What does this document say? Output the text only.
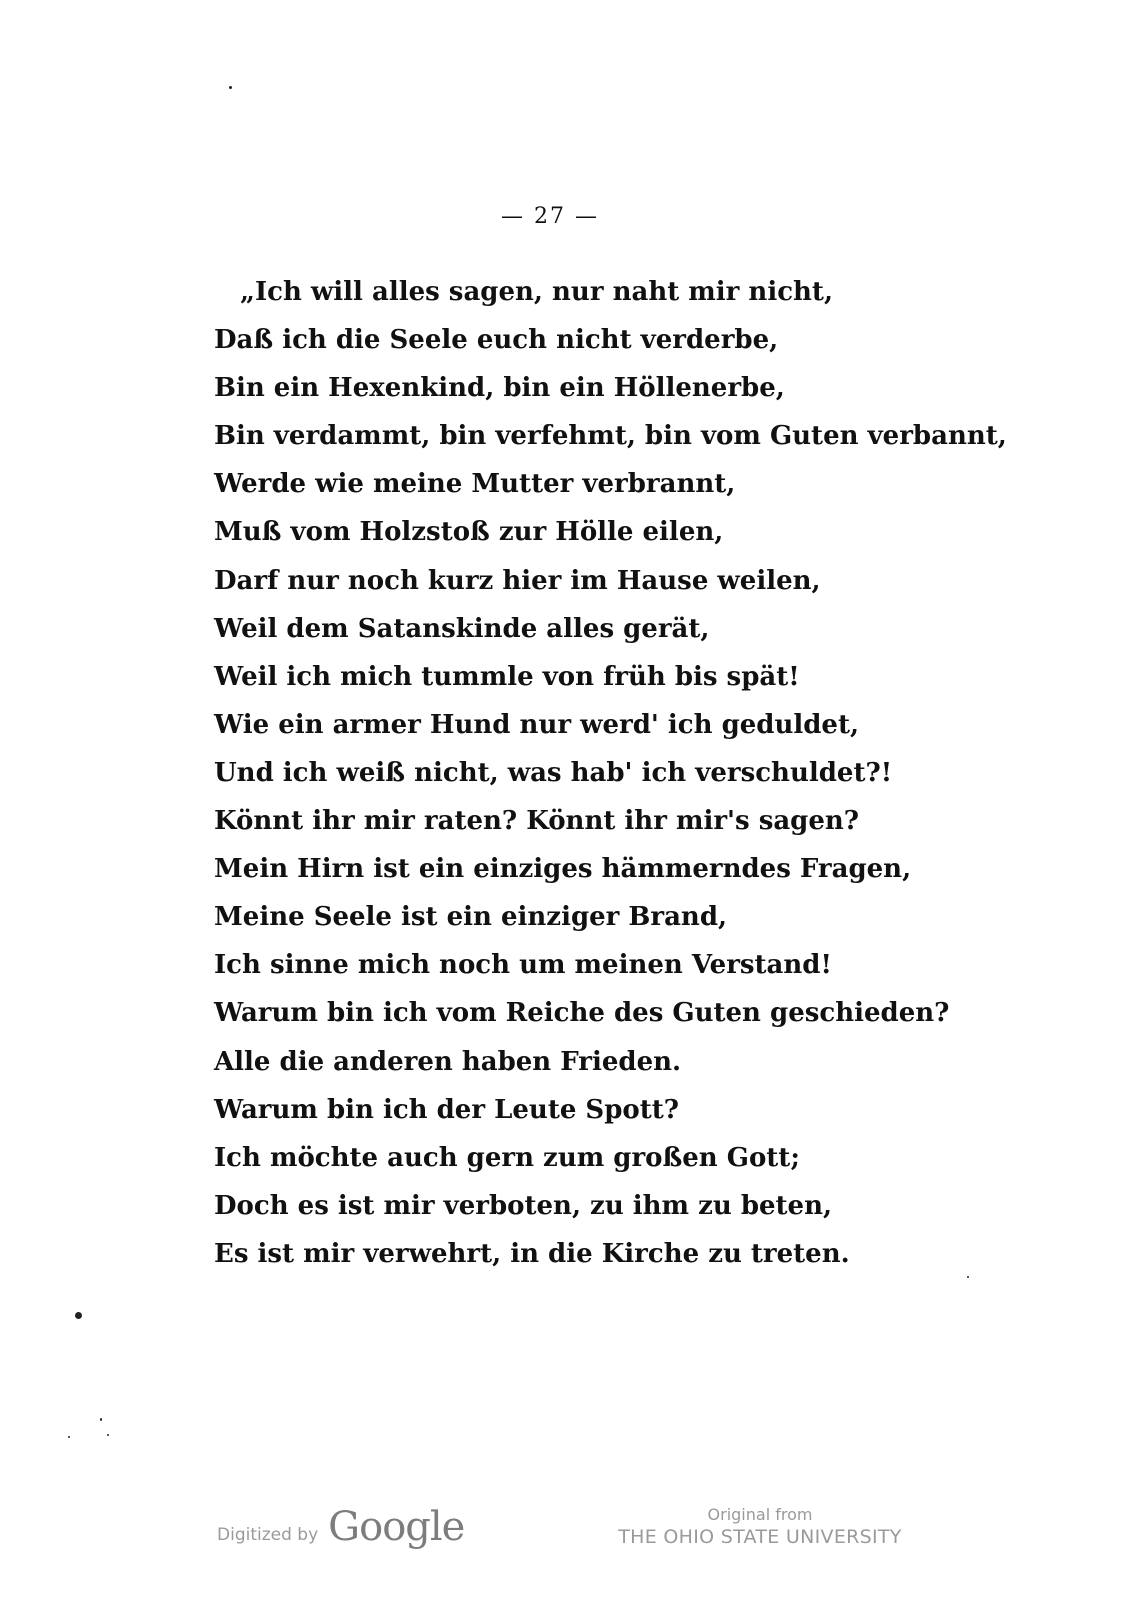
— 27 —
„Ich will alles sagen, nur naht mir nicht,
Daß ich die Seele euch nicht verderbe,
Bin ein Hexenkind, bin ein Höllenerbe,
Bin verdammt, bin verfehmt, bin vom Guten verbannt,
Werde wie meine Mutter verbrannt,
Muß vom Holzstoß zur Hölle eilen,
Darf nur noch kurz hier im Hause weilen,
Weil dem Satanskinde alles gerät,
Weil ich mich tummle von früh bis spät!
Wie ein armer Hund nur werd' ich geduldet,
Und ich weiß nicht, was hab' ich verschuldet?!
Könnt ihr mir raten? Könnt ihr mir's sagen?
Mein Hirn ist ein einziges hämmerndes Fragen,
Meine Seele ist ein einziger Brand,
Ich sinne mich noch um meinen Verstand!
Warum bin ich vom Reiche des Guten geschieden?
Alle die anderen haben Frieden.
Warum bin ich der Leute Spott?
Ich möchte auch gern zum großen Gott;
Doch es ist mir verboten, zu ihm zu beten,
Es ist mir verwehrt, in die Kirche zu treten.
Digitized by Google	Original from
THE OHIO STATE UNIVERSITY
